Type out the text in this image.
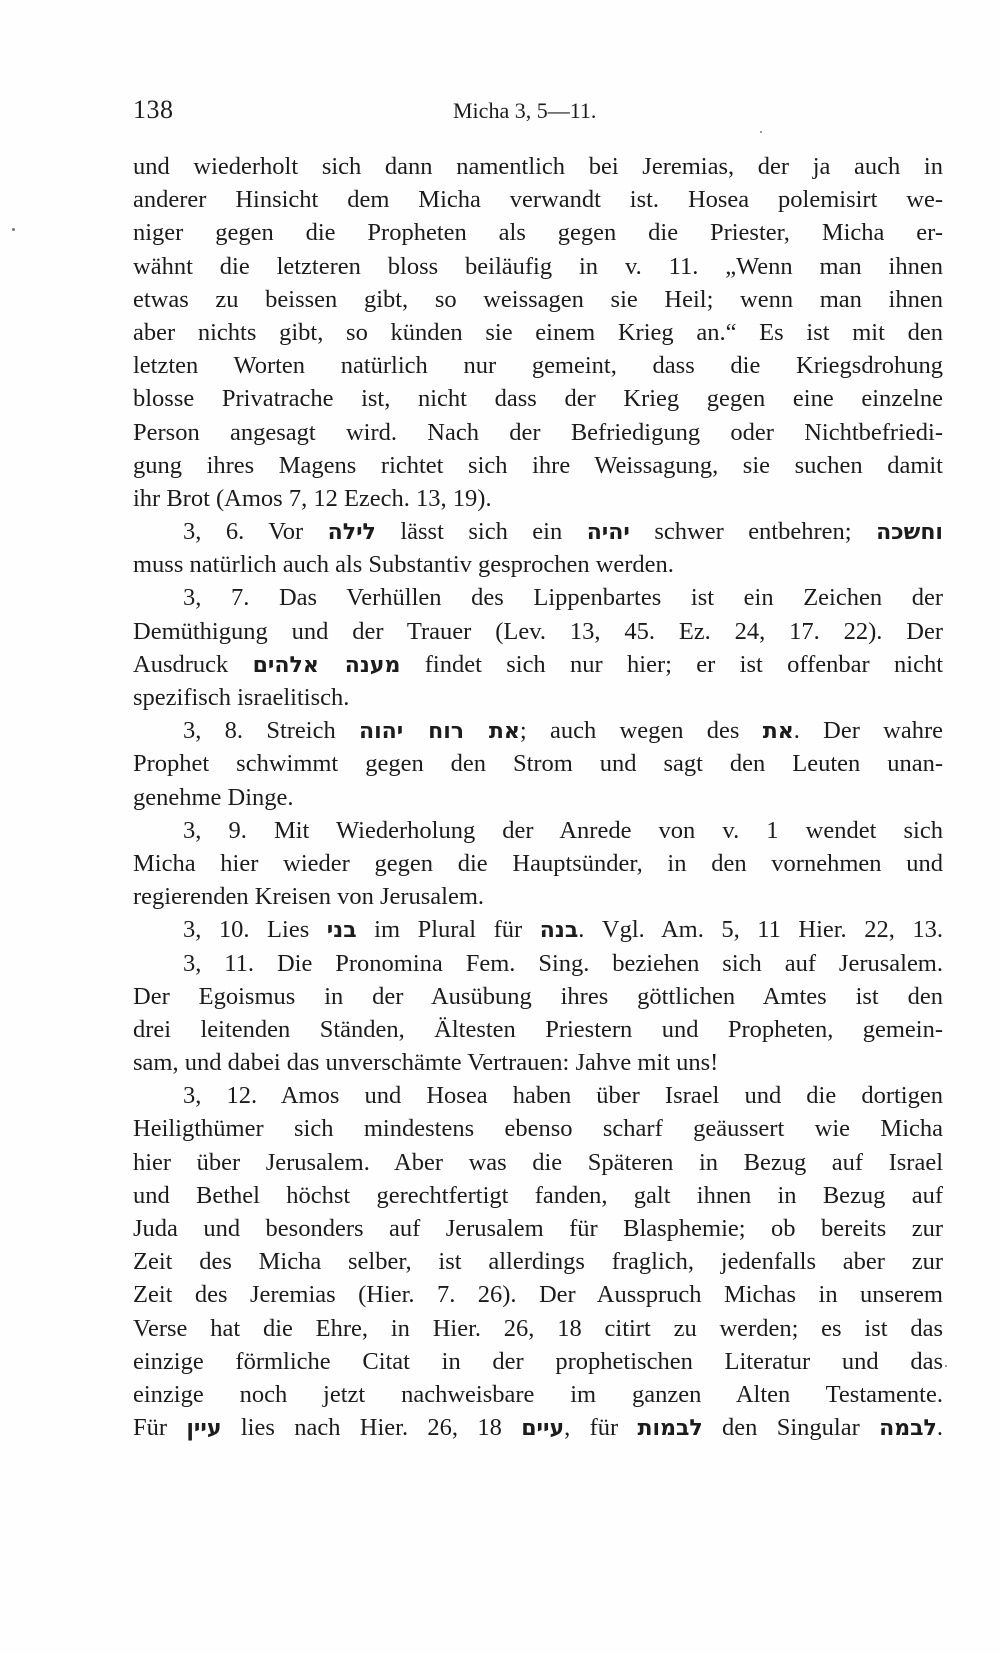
138	Micha 3, 5—11.
und wiederholt sich dann namentlich bei Jeremias, der ja auch in
anderer Hinsicht dem Micha verwandt ist. Hosea polemisirt we-
niger gegen die Propheten als gegen die Priester, Micha er-
wähnt die letzteren bloss beiläufig in v. 11. „Wenn man ihnen
etwas zu beissen gibt, so weissagen sie Heil; wenn man ihnen
aber nichts gibt, so künden sie einem Krieg an.“ Es ist mit den
letzten Worten natürlich nur gemeint, dass die Kriegsdrohung
blosse Privatrache ist, nicht dass der Krieg gegen eine einzelne
Person angesagt wird. Nach der Befriedigung oder Nichtbefriedi-
gung ihres Magens richtet sich ihre Weissagung, sie suchen damit
ihr Brot (Amos 7, 12 Ezech. 13, 19).
3, 6. Vor לילה lässt sich ein יהיה schwer entbehren; וחשכה
muss natürlich auch als Substantiv gesprochen werden.
3, 7. Das Verhüllen des Lippenbartes ist ein Zeichen der
Demüthigung und der Trauer (Lev. 13, 45. Ez. 24, 17. 22). Der
Ausdruck מענה אלהים findet sich nur hier; er ist offenbar nicht
spezifisch israelitisch.
3, 8. Streich את רוח יהוה; auch wegen des את. Der wahre
Prophet schwimmt gegen den Strom und sagt den Leuten unan-
genehme Dinge.
3, 9. Mit Wiederholung der Anrede von v. 1 wendet sich
Micha hier wieder gegen die Hauptsünder, in den vornehmen und
regierenden Kreisen von Jerusalem.
3, 10. Lies בני im Plural für בנה. Vgl. Am. 5, 11 Hier. 22, 13.
3, 11. Die Pronomina Fem. Sing. beziehen sich auf Jerusalem.
Der Egoismus in der Ausübung ihres göttlichen Amtes ist den
drei leitenden Ständen, Ältesten Priestern und Propheten, gemein-
sam, und dabei das unverschämte Vertrauen: Jahve mit uns!
3, 12. Amos und Hosea haben über Israel und die dortigen
Heiligthümer sich mindestens ebenso scharf geäussert wie Micha
hier über Jerusalem. Aber was die Späteren in Bezug auf Israel
und Bethel höchst gerechtfertigt fanden, galt ihnen in Bezug auf
Juda und besonders auf Jerusalem für Blasphemie; ob bereits zur
Zeit des Micha selber, ist allerdings fraglich, jedenfalls aber zur
Zeit des Jeremias (Hier. 7. 26). Der Ausspruch Michas in unserem
Verse hat die Ehre, in Hier. 26, 18 citirt zu werden; es ist das
einzige förmliche Citat in der prophetischen Literatur und das
einzige noch jetzt nachweisbare im ganzen Alten Testamente.
Für עיין lies nach Hier. 26, 18 עיים, für לבמות den Singular לבמה.
